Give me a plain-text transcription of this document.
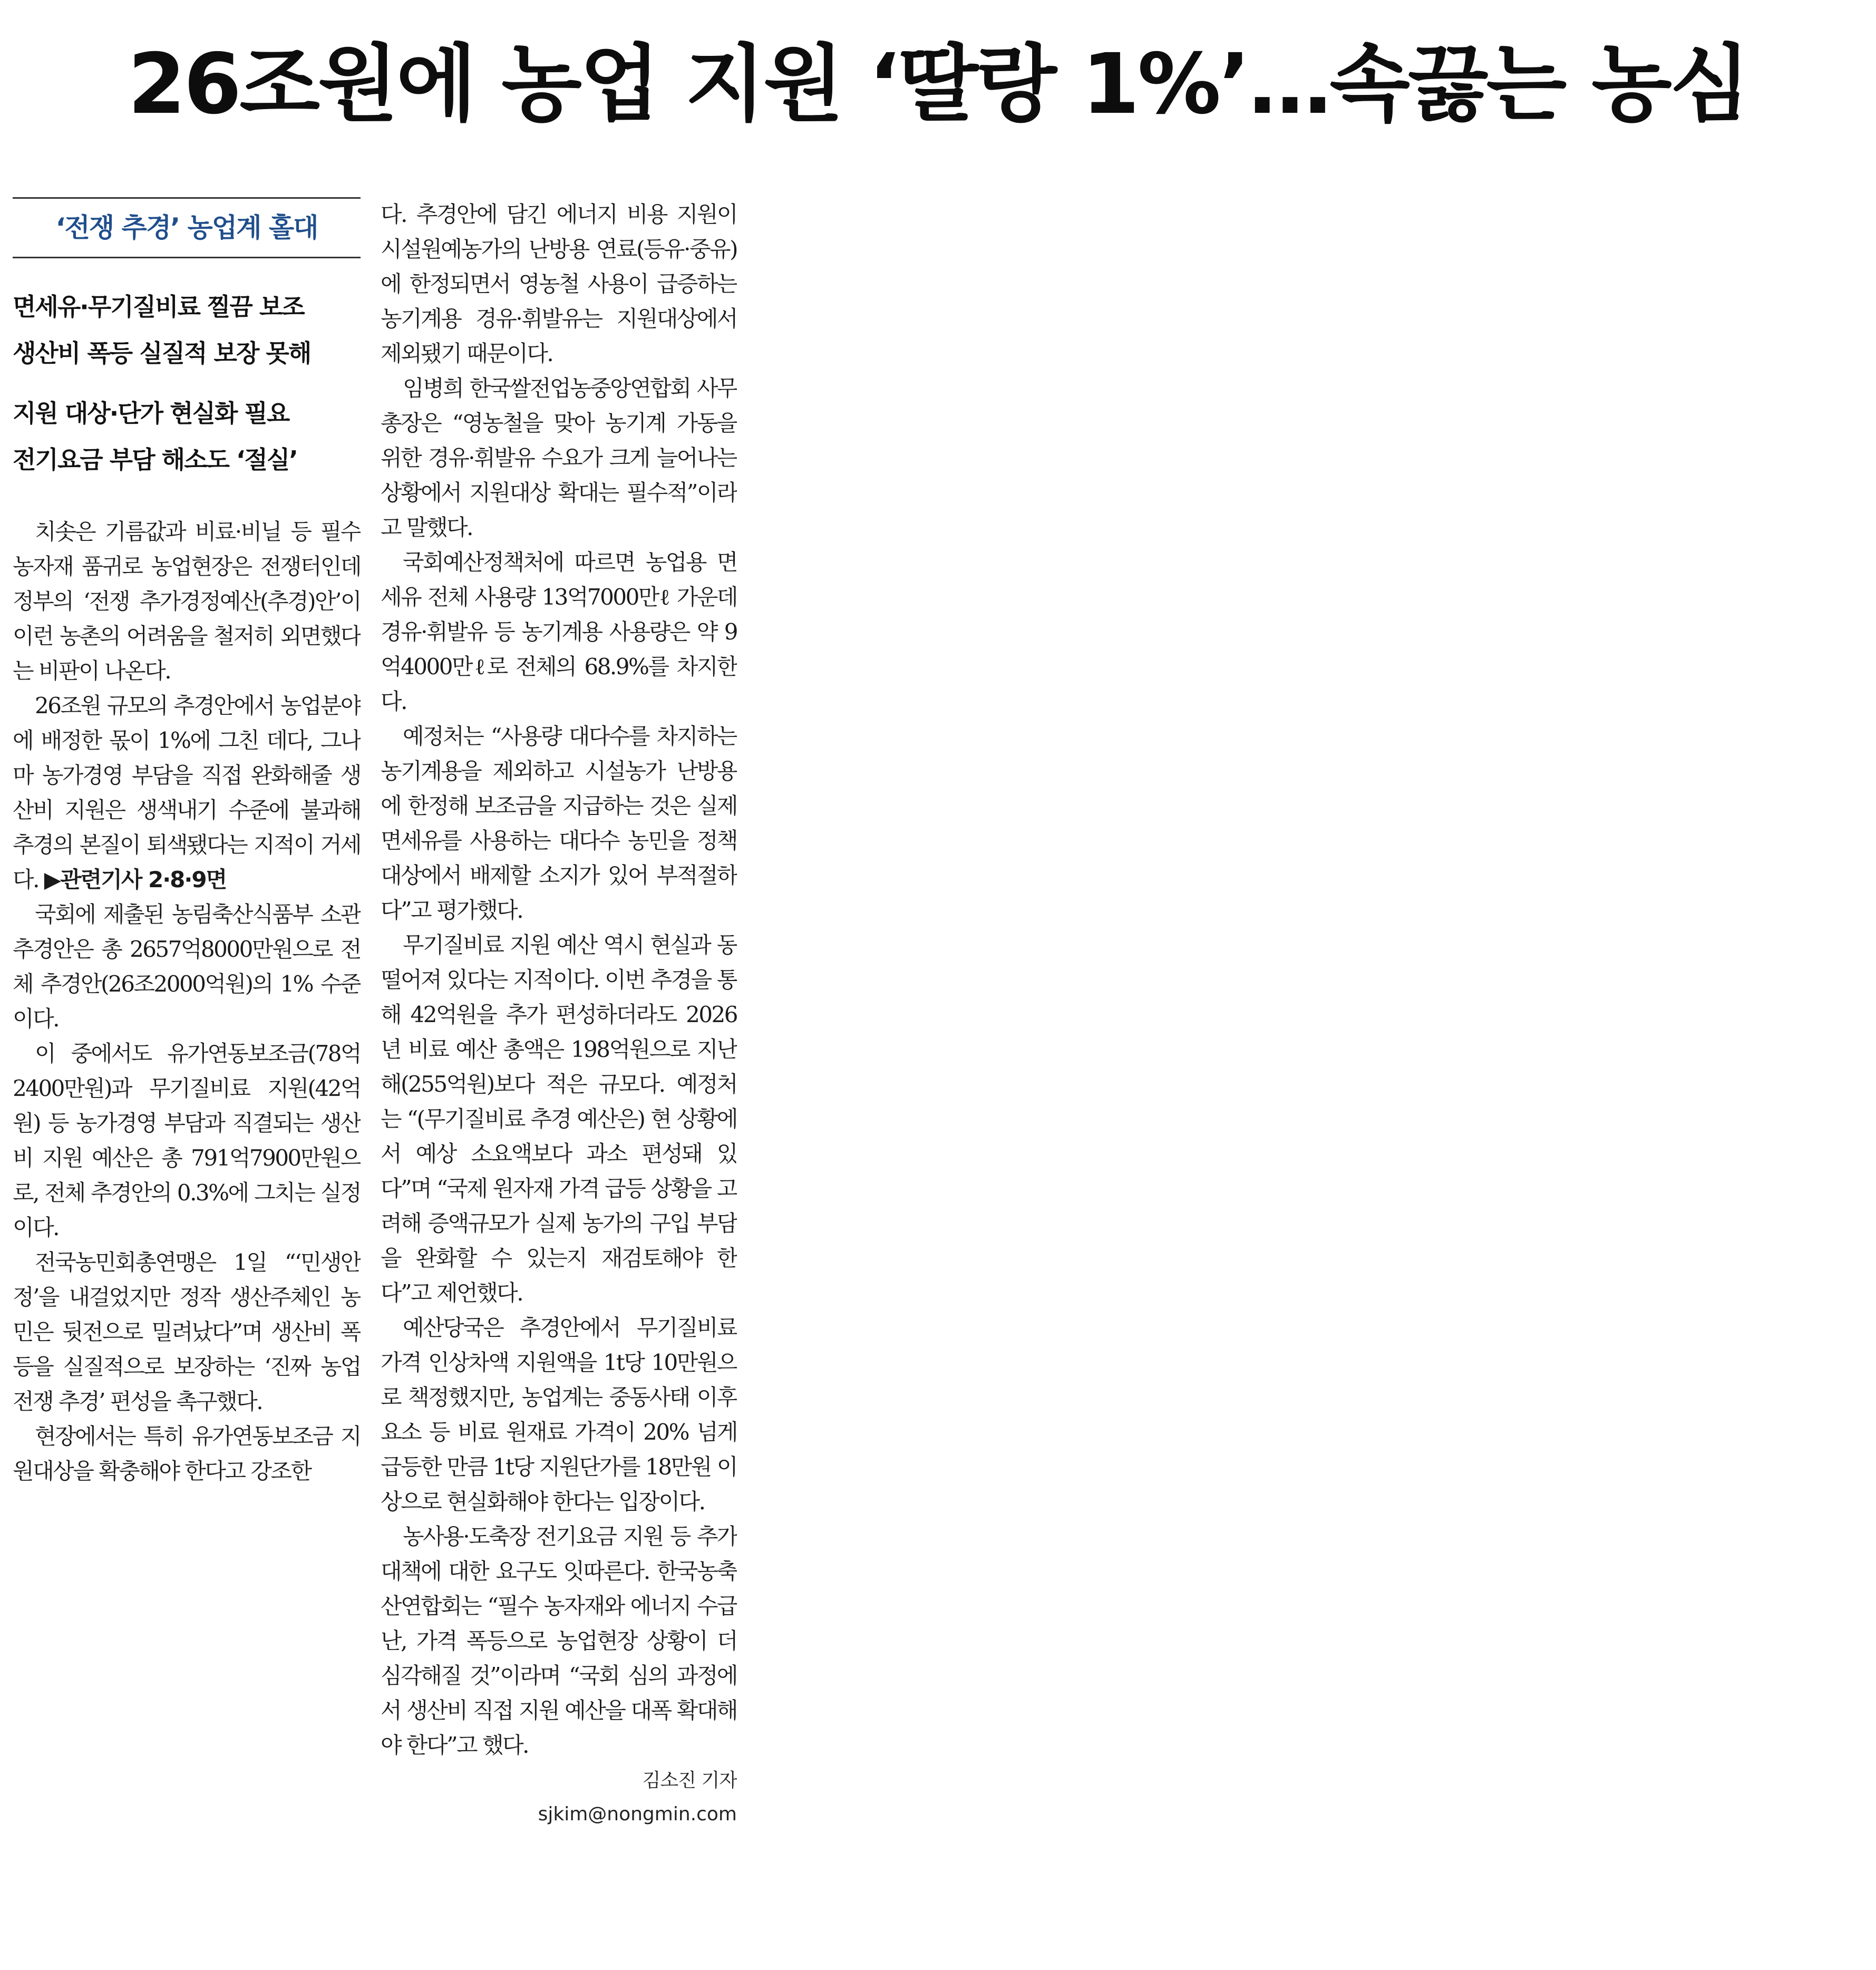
26조원에 농업 지원 ‘딸랑 1%’…속끓는 농심
‘전쟁 추경’ 농업계 홀대
면세유·무기질비료 찔끔 보조
생산비 폭등 실질적 보장 못해
지원 대상·단가 현실화 필요
전기요금 부담 해소도 ‘절실’

치솟은 기름값과 비료·비닐 등 필수 농자재 품귀로 농업현장은 전쟁터인데 정부의 ‘전쟁 추가경정예산(추경)안’이 이런 농촌의 어려움을 철저히 외면했다는 비판이 나온다.

26조원 규모의 추경안에서 농업분야에 배정한 몫이 1%에 그친 데다, 그나마 농가경영 부담을 직접 완화해줄 생산비 지원은 생색내기 수준에 불과해 추경의 본질이 퇴색됐다는 지적이 거세다. ▶관련기사 2·8·9면

국회에 제출된 농림축산식품부 소관 추경안은 총 2657억8000만원으로 전체 추경안(26조2000억원)의 1% 수준이다.

이 중에서도 유가연동보조금(78억2400만원)과 무기질비료 지원(42억원) 등 농가경영 부담과 직결되는 생산비 지원 예산은 총 791억7900만원으로, 전체 추경안의 0.3%에 그치는 실정이다.

전국농민회총연맹은 1일 “‘민생안정’을 내걸었지만 정작 생산주체인 농민은 뒷전으로 밀려났다”며 생산비 폭등을 실질적으로 보장하는 ‘진짜 농업 전쟁 추경’ 편성을 촉구했다.

현장에서는 특히 유가연동보조금 지원대상을 확충해야 한다고 강조한

다. 추경안에 담긴 에너지 비용 지원이 시설원예농가의 난방용 연료(등유·중유)에 한정되면서 영농철 사용이 급증하는 농기계용 경유·휘발유는 지원대상에서 제외됐기 때문이다.

임병희 한국쌀전업농중앙연합회 사무총장은 “영농철을 맞아 농기계 가동을 위한 경유·휘발유 수요가 크게 늘어나는 상황에서 지원대상 확대는 필수적”이라고 말했다.

국회예산정책처에 따르면 농업용 면세유 전체 사용량 13억7000만ℓ 가운데 경유·휘발유 등 농기계용 사용량은 약 9억4000만ℓ로 전체의 68.9%를 차지한다.

예정처는 “사용량 대다수를 차지하는 농기계용을 제외하고 시설농가 난방용에 한정해 보조금을 지급하는 것은 실제 면세유를 사용하는 대다수 농민을 정책 대상에서 배제할 소지가 있어 부적절하다”고 평가했다.

무기질비료 지원 예산 역시 현실과 동떨어져 있다는 지적이다. 이번 추경을 통해 42억원을 추가 편성하더라도 2026년 비료 예산 총액은 198억원으로 지난해(255억원)보다 적은 규모다. 예정처는 “(무기질비료 추경 예산은) 현 상황에서 예상 소요액보다 과소 편성돼 있다”며 “국제 원자재 가격 급등 상황을 고려해 증액규모가 실제 농가의 구입 부담을 완화할 수 있는지 재검토해야 한다”고 제언했다.

예산당국은 추경안에서 무기질비료 가격 인상차액 지원액을 1t당 10만원으로 책정했지만, 농업계는 중동사태 이후 요소 등 비료 원재료 가격이 20% 넘게 급등한 만큼 1t당 지원단가를 18만원 이상으로 현실화해야 한다는 입장이다.

농사용·도축장 전기요금 지원 등 추가 대책에 대한 요구도 잇따른다. 한국농축산연합회는 “필수 농자재와 에너지 수급난, 가격 폭등으로 농업현장 상황이 더 심각해질 것”이라며 “국회 심의 과정에서 생산비 직접 지원 예산을 대폭 확대해야 한다”고 했다.

김소진 기자
sjkim@nongmin.com
